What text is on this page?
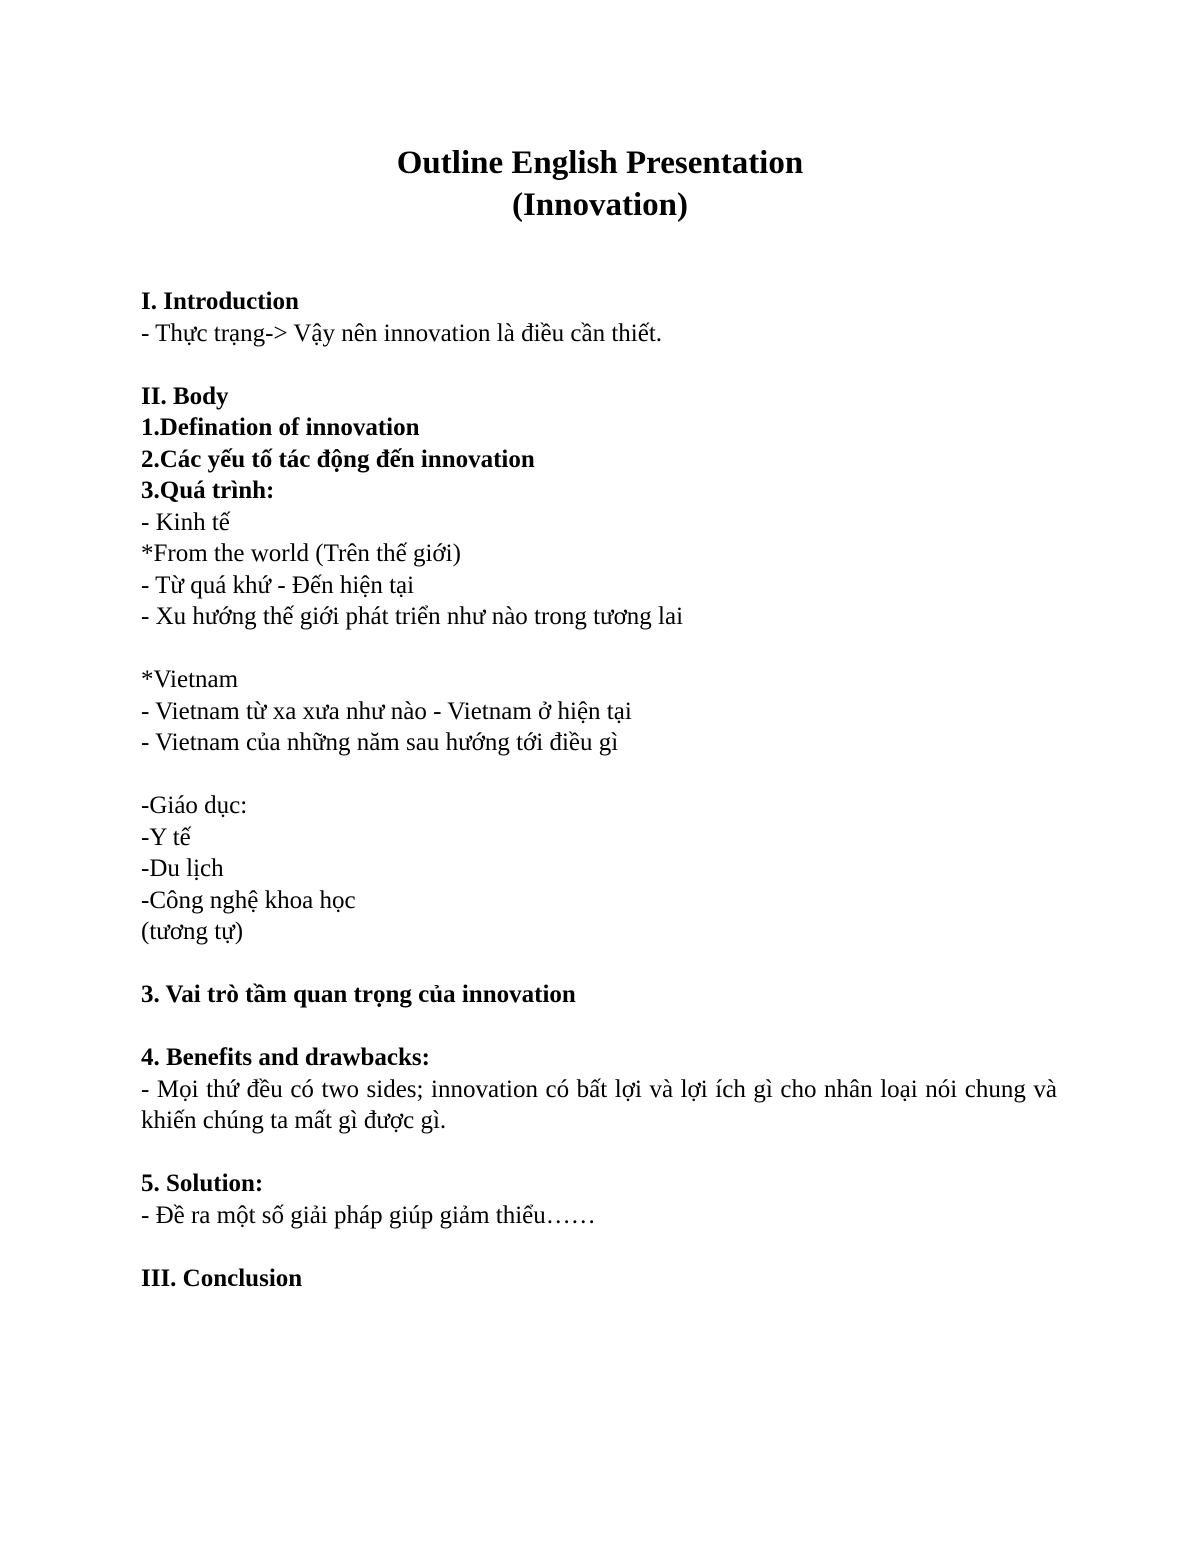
Outline English Presentation
(Innovation)
I. Introduction
- Thực trạng-> Vậy nên innovation là điều cần thiết.
II. Body
1.Defination of innovation
2.Các yếu tố tác động đến innovation
3.Quá trình:
- Kinh tế
*From the world (Trên thế giới)
- Từ quá khứ - Đến hiện tại
- Xu hướng thế giới phát triển như nào trong tương lai
*Vietnam
- Vietnam từ xa xưa như nào - Vietnam ở hiện tại
- Vietnam của những năm sau hướng tới điều gì
-Giáo dục:
-Y tế
-Du lịch
-Công nghệ khoa học
(tương tự)
3. Vai trò tầm quan trọng của innovation
4. Benefits and drawbacks:
- Mọi thứ đều có two sides; innovation có bất lợi và lợi ích gì cho nhân loại nói chung và khiến chúng ta mất gì được gì.
5. Solution:
- Đề ra một số giải pháp giúp giảm thiểu……
III. Conclusion
